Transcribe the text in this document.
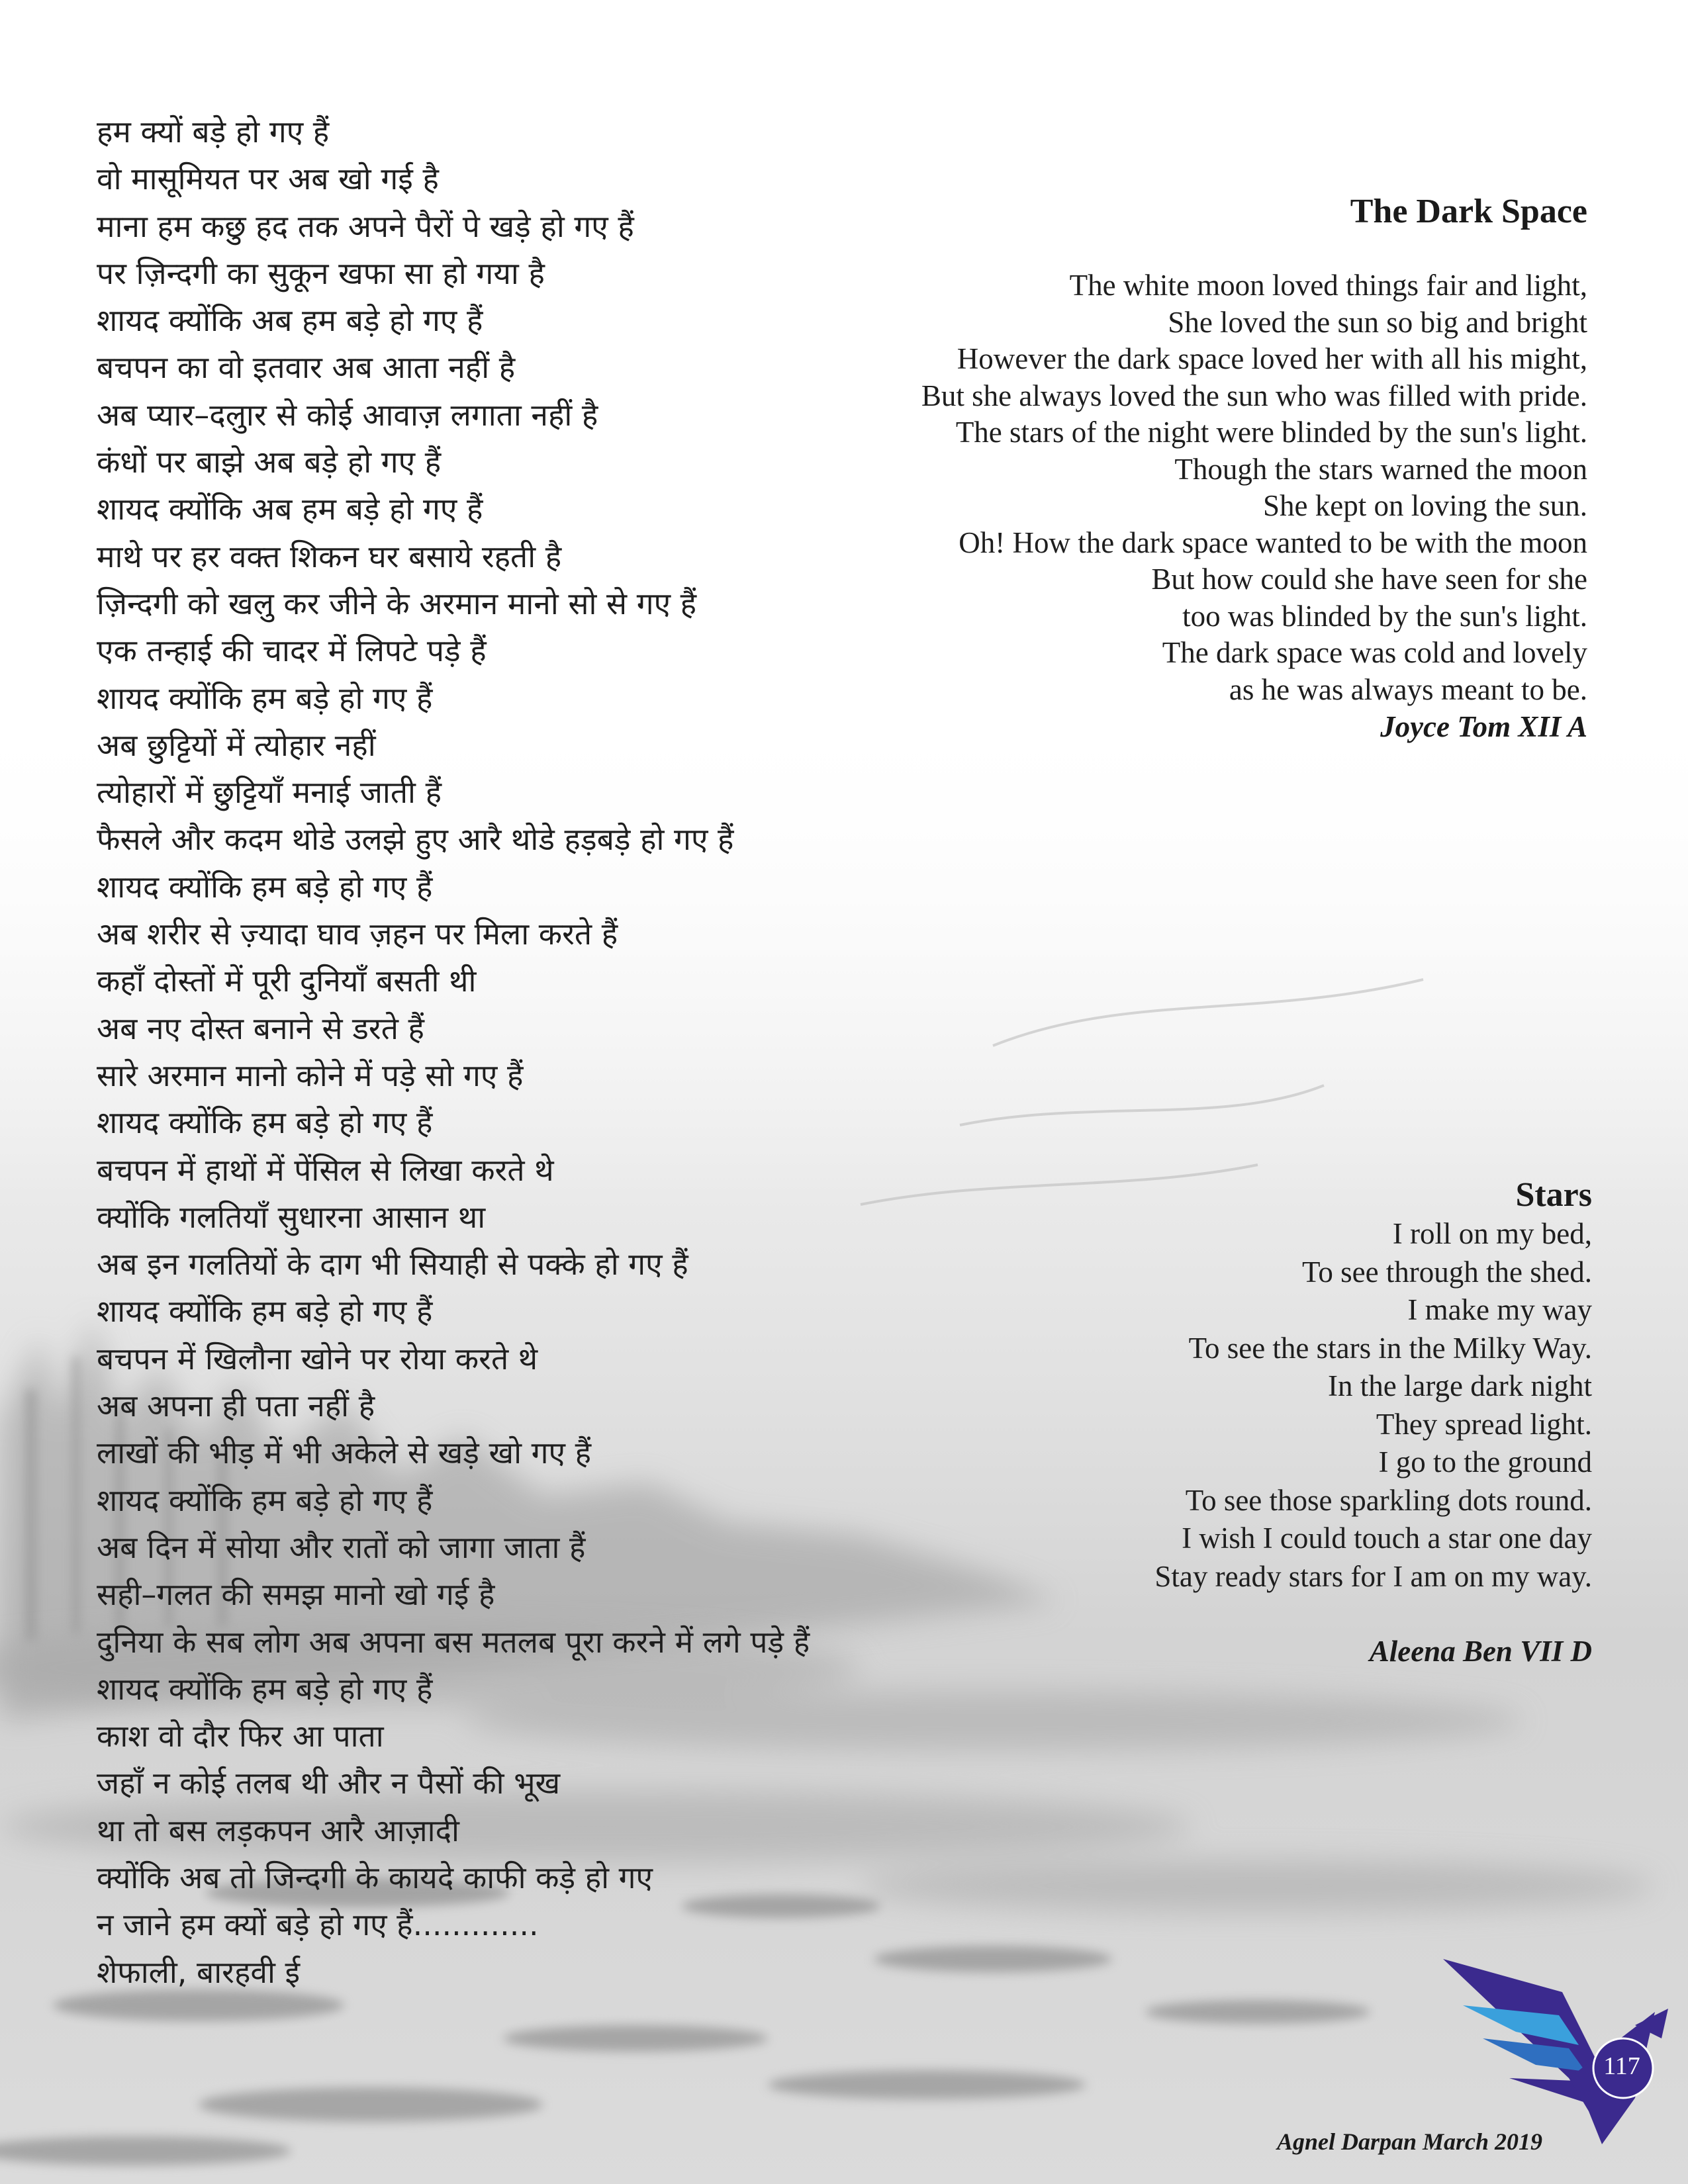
हम क्यों बड़े हो गए हैं
वो मासूमियत पर अब खो गई है
माना हम कछु हद तक अपने पैरों पे खड़े हो गए हैं
पर ज़िन्दगी का सुकून खफा सा हो गया है
शायद क्योंकि अब हम बड़े हो गए हैं
बचपन का वो इतवार अब आता नहीं है
अब प्यार–दलुार से कोई आवाज़ लगाता नहीं है
कंधों पर बाझे अब बड़े हो गए हैं
शायद क्योंकि अब हम बड़े हो गए हैं
माथे पर हर वक्त शिकन घर बसाये रहती है
ज़िन्दगी को खलु कर जीने के अरमान मानो सो से गए हैं
एक तन्हाई की चादर में लिपटे पड़े हैं
शायद क्योंकि हम बड़े हो गए हैं
अब छुट्टियों में त्योहार नहीं
त्योहारों में छुट्टियाँ मनाई जाती हैं
फैसले और कदम थोडे उलझे हुए आरै थोडे हड़बड़े हो गए हैं
शायद क्योंकि हम बड़े हो गए हैं
अब शरीर से ज़्यादा घाव ज़हन पर मिला करते हैं
कहाँ दोस्तों में पूरी दुनियाँ बसती थी
अब नए दोस्त बनाने से डरते हैं
सारे अरमान मानो कोने में पड़े सो गए हैं
शायद क्योंकि हम बड़े हो गए हैं
बचपन में हाथों में पेंसिल से लिखा करते थे
क्योंकि गलतियाँ सुधारना आसान था
अब इन गलतियों के दाग भी सियाही से पक्के हो गए हैं
शायद क्योंकि हम बड़े हो गए हैं
बचपन में खिलौना खोने पर रोया करते थे
अब अपना ही पता नहीं है
लाखों की भीड़ में भी अकेले से खड़े खो गए हैं
शायद क्योंकि हम बड़े हो गए हैं
अब दिन में सोया और रातों को जागा जाता हैं
सही–गलत की समझ मानो खो गई है
दुनिया के सब लोग अब अपना बस मतलब पूरा करने में लगे पड़े हैं
शायद क्योंकि हम बड़े हो गए हैं
काश वो दौर फिर आ पाता
जहाँ न कोई तलब थी और न पैसों की भूख
था तो बस लड़कपन आरै आज़ादी
क्योंकि अब तो जिन्दगी के कायदे काफी कड़े हो गए
न जाने हम क्यों बड़े हो गए हैं.............
शेफाली, बारहवी ई
The Dark Space
The white moon loved things fair and light,
She loved the sun so big and bright
However the dark space loved her with all his might,
But she always loved the sun who was filled with pride.
The stars of the night were blinded by the sun's light.
Though the stars warned the moon
She kept on loving the sun.
Oh! How the dark space wanted to be with the moon
But how could she have seen for she
too was blinded by the sun's light.
The dark space was cold and lovely
as he was always meant to be.
Joyce Tom XII A
Stars
I roll on my bed,
To see through the shed.
I make my way
To see the stars in the Milky Way.
In the large dark night
They spread light.
I go to the ground
To see those sparkling dots round.
I wish I could touch a star one day
Stay ready stars for I am on my way.
Aleena Ben VII D
117
Agnel Darpan March 2019
